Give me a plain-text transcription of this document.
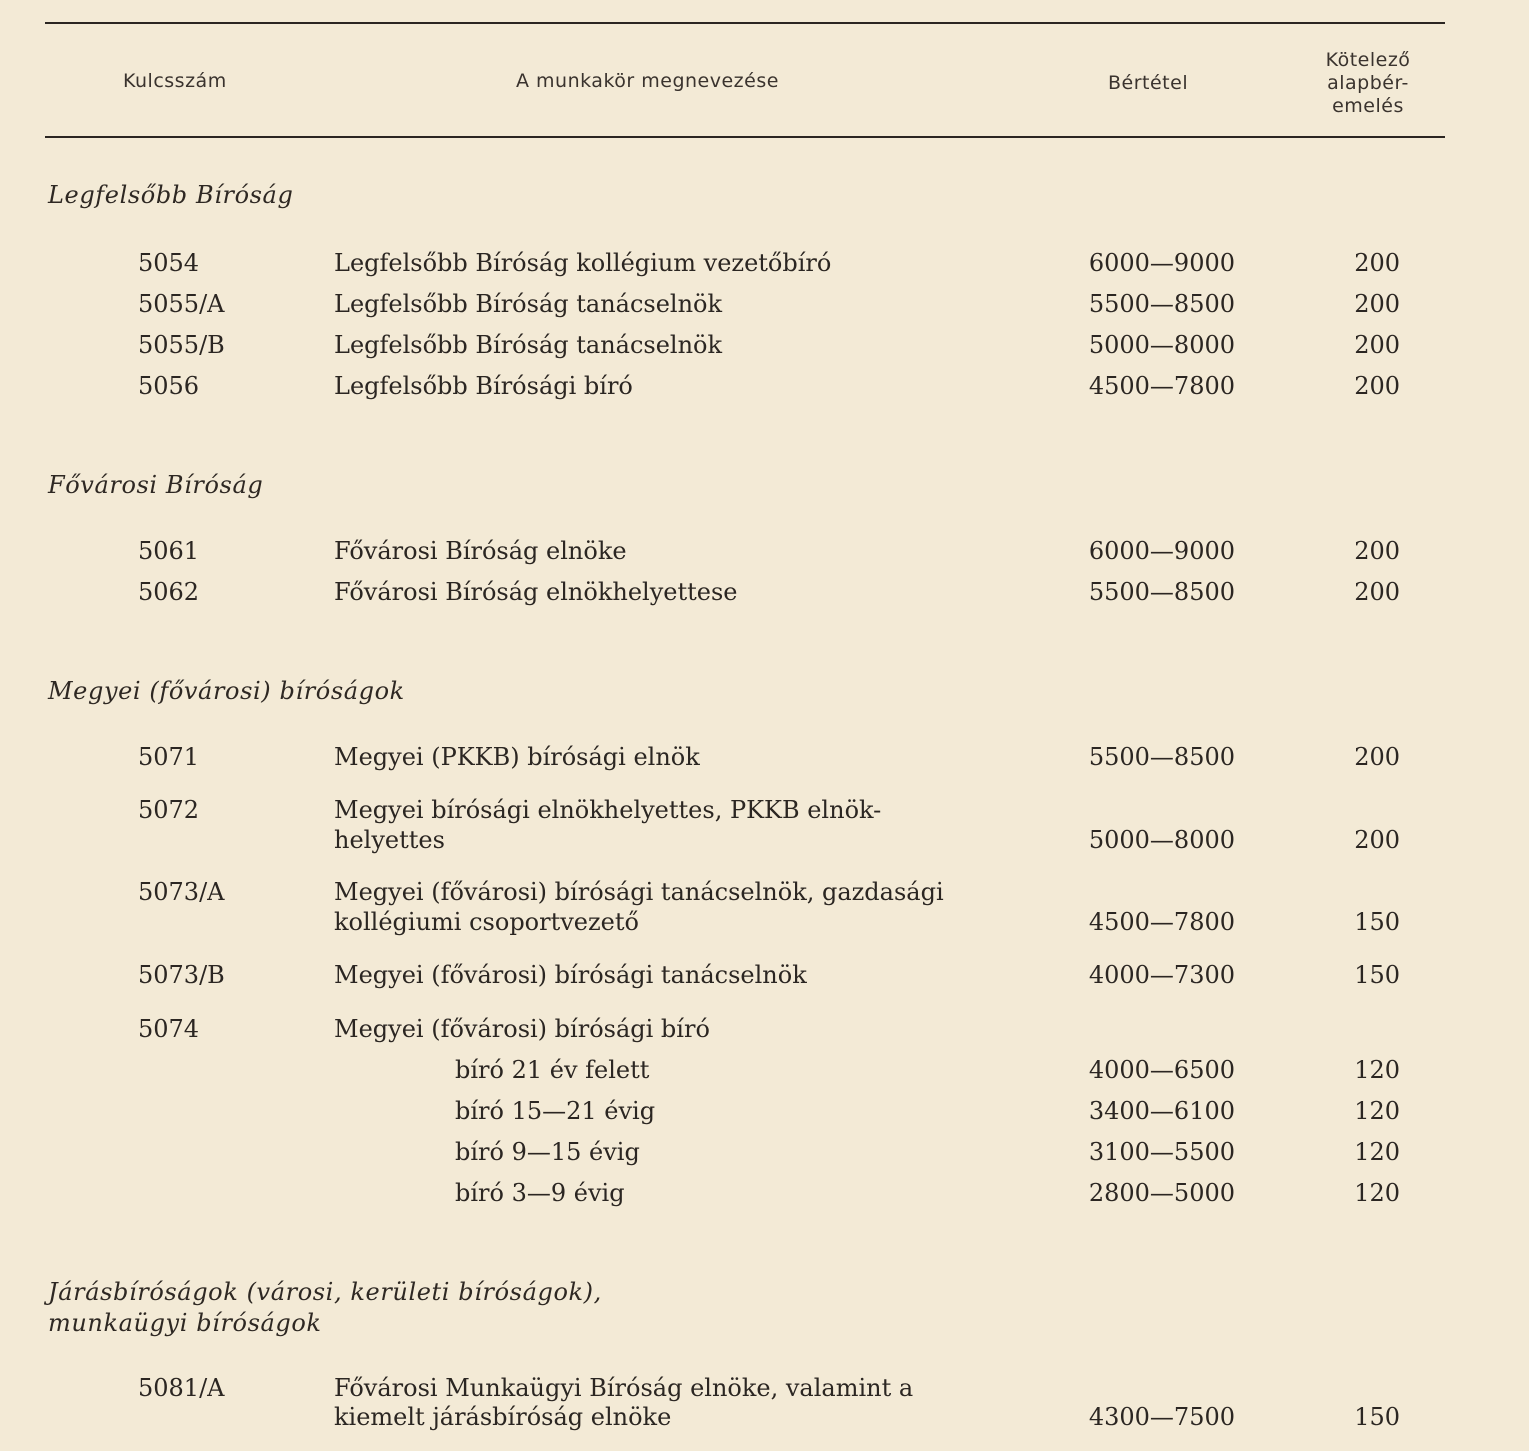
Kulcsszám	A munkakör megnevezése	Bértétel
Kötelező
alapbér-
emelés
Legfelsőbb Bíróság
5054	Legfelsőbb Bíróság kollégium vezetőbíró	6000—9000	200
5055/A	Legfelsőbb Bíróság tanácselnök	5500—8500	200
5055/B	Legfelsőbb Bíróság tanácselnök	5000—8000	200
5056	Legfelsőbb Bírósági bíró	4500—7800	200
Fővárosi Bíróság
5061	Fővárosi Bíróság elnöke	6000—9000	200
5062	Fővárosi Bíróság elnökhelyettese	5500—8500	200
Megyei (fővárosi) bíróságok
5071	Megyei (PKKB) bírósági elnök	5500—8500	200
5072	Megyei bírósági elnökhelyettes, PKKB elnök-
helyettes	5000—8000	200
5073/A	Megyei (fővárosi) bírósági tanácselnök, gazdasági
kollégiumi csoportvezető	4500—7800	150
5073/B	Megyei (fővárosi) bírósági tanácselnök	4000—7300	150
5074	Megyei (fővárosi) bírósági bíró
bíró 21 év felett	4000—6500	120
bíró 15—21 évig	3400—6100	120
bíró 9—15 évig	3100—5500	120
bíró 3—9 évig	2800—5000	120
Járásbíróságok (városi, kerületi bíróságok),
munkaügyi bíróságok
5081/A	Fővárosi Munkaügyi Bíróság elnöke, valamint a
kiemelt járásbíróság elnöke	4300—7500	150
